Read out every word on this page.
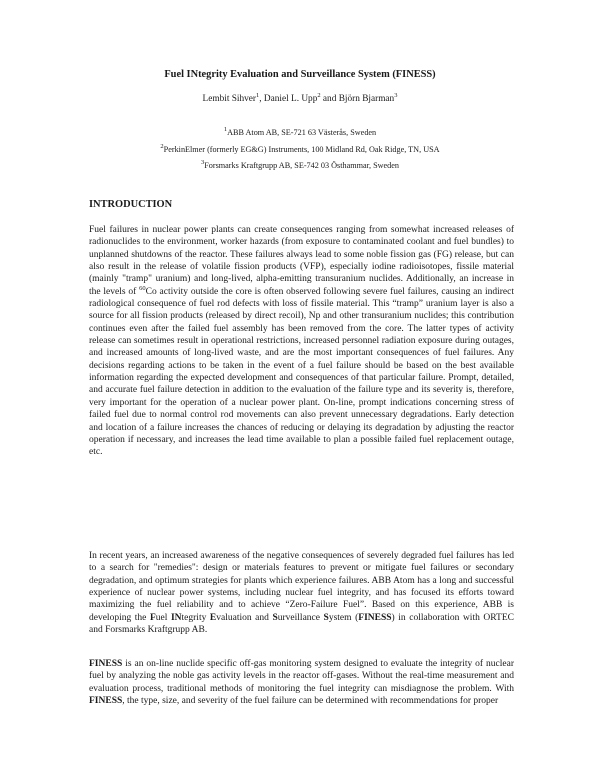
Fuel INtegrity Evaluation and Surveillance System (FINESS)
Lembit Sihver$^1$, Daniel L. Upp$^2$ and Björn Bjarman$^3$
$^1$ABB Atom AB, SE-721 63 Västerås, Sweden
$^2$PerkinElmer (formerly EG&G) Instruments, 100 Midland Rd, Oak Ridge, TN, USA
$^3$Forsmarks Kraftgrupp AB, SE-742 03 Östhammar, Sweden
INTRODUCTION
Fuel failures in nuclear power plants can create consequences ranging from somewhat increased releases of radionuclides to the environment, worker hazards (from exposure to contaminated coolant and fuel bundles) to unplanned shutdowns of the reactor. These failures always lead to some noble fission gas (FG) release, but can also result in the release of volatile fission products (VFP), especially iodine radioisotopes, fissile material (mainly "tramp" uranium) and long-lived, alpha-emitting transuranium nuclides. Additionally, an increase in the levels of $^{60}$Co activity outside the core is often observed following severe fuel failures, causing an indirect radiological consequence of fuel rod defects with loss of fissile material. This “tramp” uranium layer is also a source for all fission products (released by direct recoil), Np and other transuranium nuclides; this contribution continues even after the failed fuel assembly has been removed from the core. The latter types of activity release can sometimes result in operational restrictions, increased personnel radiation exposure during outages, and increased amounts of long-lived waste, and are the most important consequences of fuel failures. Any decisions regarding actions to be taken in the event of a fuel failure should be based on the best available information regarding the expected development and consequences of that particular failure. Prompt, detailed, and accurate fuel failure detection in addition to the evaluation of the failure type and its severity is, therefore, very important for the operation of a nuclear power plant. On-line, prompt indications concerning stress of failed fuel due to normal control rod movements can also prevent unnecessary degradations. Early detection and location of a failure increases the chances of reducing or delaying its degradation by adjusting the reactor operation if necessary, and increases the lead time available to plan a possible failed fuel replacement outage, etc.
In recent years, an increased awareness of the negative consequences of severely degraded fuel failures has led to a search for "remedies": design or materials features to prevent or mitigate fuel failures or secondary degradation, and optimum strategies for plants which experience failures. ABB Atom has a long and successful experience of nuclear power systems, including nuclear fuel integrity, and has focused its efforts toward maximizing the fuel reliability and to achieve “Zero-Failure Fuel”. Based on this experience, ABB is developing the Fuel INtegrity Evaluation and Surveillance System (FINESS) in collaboration with ORTEC and Forsmarks Kraftgrupp AB.
FINESS is an on-line nuclide specific off-gas monitoring system designed to evaluate the integrity of nuclear fuel by analyzing the noble gas activity levels in the reactor off-gases. Without the real-time measurement and evaluation process, traditional methods of monitoring the fuel integrity can misdiagnose the problem. With FINESS, the type, size, and severity of the fuel failure can be determined with recommendations for proper
